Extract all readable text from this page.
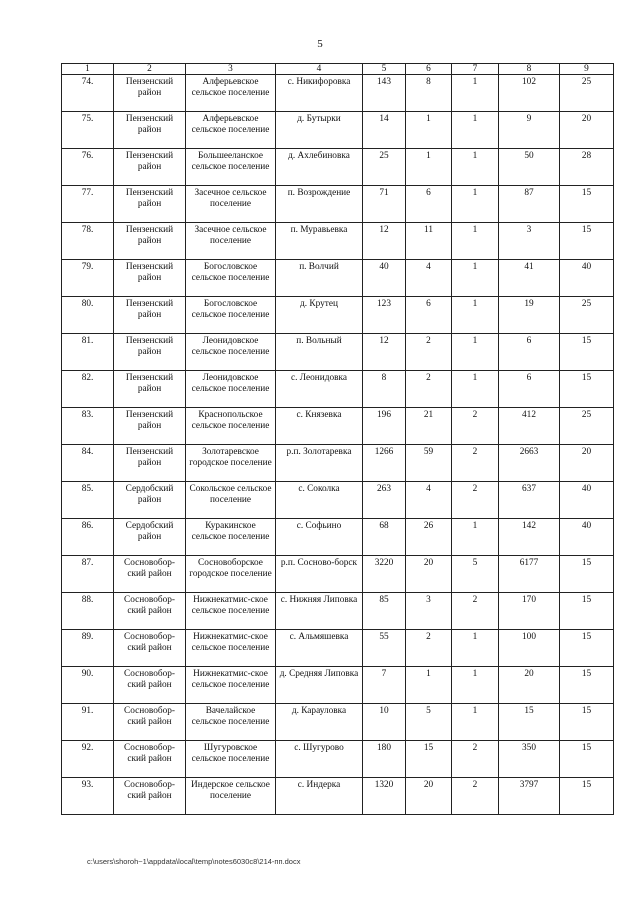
5
1	2	3	4	5	6	7	8	9
74.	Пензенский район	Алферьевское сельское поселение	с. Никифоровка	143	8	1	102	25
75.	Пензенский район	Алферьевское сельское поселение	д. Бутырки	14	1	1	9	20
76.	Пензенский район	Большееланское сельское поселение	д. Ахлебиновка	25	1	1	50	28
77.	Пензенский район	Засечное сельское поселение	п. Возрождение	71	6	1	87	15
78.	Пензенский район	Засечное сельское поселение	п. Муравьевка	12	11	1	3	15
79.	Пензенский район	Богословское сельское поселение	п. Волчий	40	4	1	41	40
80.	Пензенский район	Богословское сельское поселение	д. Крутец	123	6	1	19	25
81.	Пензенский район	Леонидовское сельское поселение	п. Вольный	12	2	1	6	15
82.	Пензенский район	Леонидовское сельское поселение	с. Леонидовка	8	2	1	6	15
83.	Пензенский район	Краснопольское сельское поселение	с. Князевка	196	21	2	412	25
84.	Пензенский район	Золотаревское городское поселение	р.п. Золотаревка	1266	59	2	2663	20
85.	Сердобский район	Сокольское сельское поселение	с. Соколка	263	4	2	637	40
86.	Сердобский район	Куракинское сельское поселение	с. Софьино	68	26	1	142	40
87.	Сосновобор-ский район	Сосновоборское городское поселение	р.п. Сосново-борск	3220	20	5	6177	15
88.	Сосновобор-ский район	Нижнекатмис-ское сельское поселение	с. Нижняя Липовка	85	3	2	170	15
89.	Сосновобор-ский район	Нижнекатмис-ское сельское поселение	с. Альмяшевка	55	2	1	100	15
90.	Сосновобор-ский район	Нижнекатмис-ское сельское поселение	д. Средняя Липовка	7	1	1	20	15
91.	Сосновобор-ский район	Вачелайское сельское поселение	д. Карауловка	10	5	1	15	15
92.	Сосновобор-ский район	Шугуровское сельское поселение	с. Шугурово	180	15	2	350	15
93.	Сосновобор-ский район	Индерское сельское поселение	с. Индерка	1320	20	2	3797	15
c:\users\shoroh~1\appdata\local\temp\notes6030c8\214-пп.docx
